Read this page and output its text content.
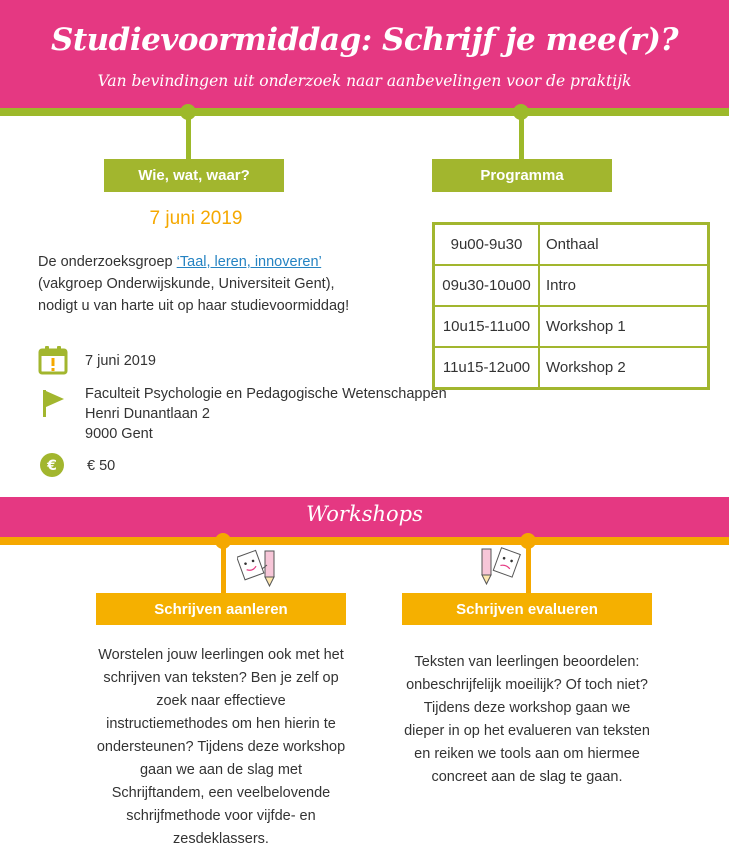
Studievoormiddag: Schrijf je mee(r)?
Van bevindingen uit onderzoek naar aanbevelingen voor de praktijk
Wie, wat, waar?	Programma
7 juni 2019
De onderzoeksgroep ‘Taal, leren, innoveren’ (vakgroep Onderwijskunde, Universiteit Gent), nodigt u van harte uit op haar studievoormiddag!
7 juni 2019
Faculteit Psychologie en Pedagogische Wetenschappen
Henri Dunantlaan 2
9000 Gent
€ € 50
9u00-9u30	Onthaal
09u30-10u00	Intro
10u15-11u00	Workshop 1
11u15-12u00	Workshop 2
Workshops
Schrijven aanleren
Worstelen jouw leerlingen ook met het schrijven van teksten? Ben je zelf op zoek naar effectieve instructiemethodes om hen hierin te ondersteunen? Tijdens deze workshop gaan we aan de slag met Schrijftandem, een veelbelovende schrijfmethode voor vijfde- en zesdeklassers.
Schrijven evalueren
Teksten van leerlingen beoordelen: onbeschrijfelijk moeilijk? Of toch niet? Tijdens deze workshop gaan we dieper in op het evalueren van teksten en reiken we tools aan om hiermee concreet aan de slag te gaan.
